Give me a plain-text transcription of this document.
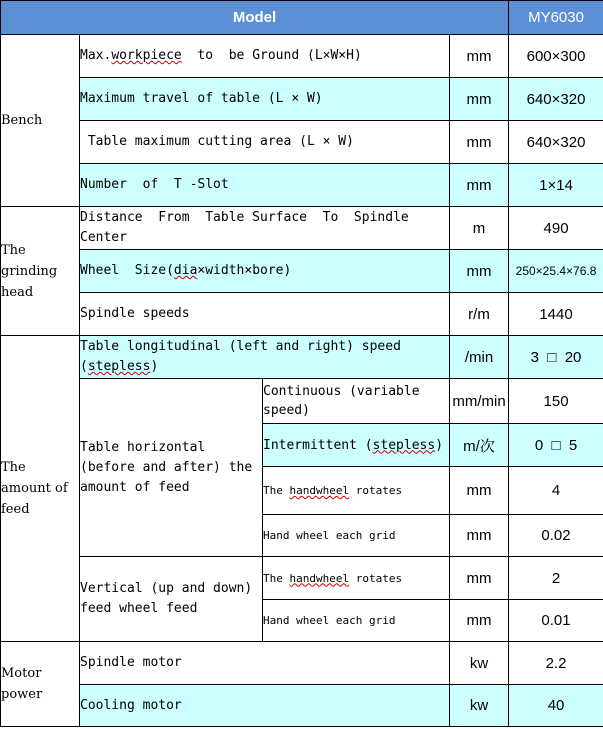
Model				MY6030
Bench	Max.workpiece  to  be Ground (L×W×H)		mm	600×300
	Maximum travel of table (L × W)		mm	640×320
	Table maximum cutting area (L × W)		mm	640×320
	Number  of  T -Slot		mm	1×14
The grinding head	Distance  From  Table Surface  To  Spindle Center		m	490
	Wheel  Size(dia×width×bore)		mm	250×25.4×76.8
	Spindle speeds		r/m	1440
The amount of feed	Table longitudinal (left and right) speed (stepless)		/min	3  □  20
	Table horizontal (before and after) the amount of feed	Continuous (variable speed)	mm/min	150
		Intermittent (stepless)	m/次	0  □  5
		The handwheel rotates	mm	4
		Hand wheel each grid	mm	0.02
	Vertical (up and down) feed wheel feed	The handwheel rotates	mm	2
		Hand wheel each grid	mm	0.01
Motor power	Spindle motor		kw	2.2
	Cooling motor		kw	40
